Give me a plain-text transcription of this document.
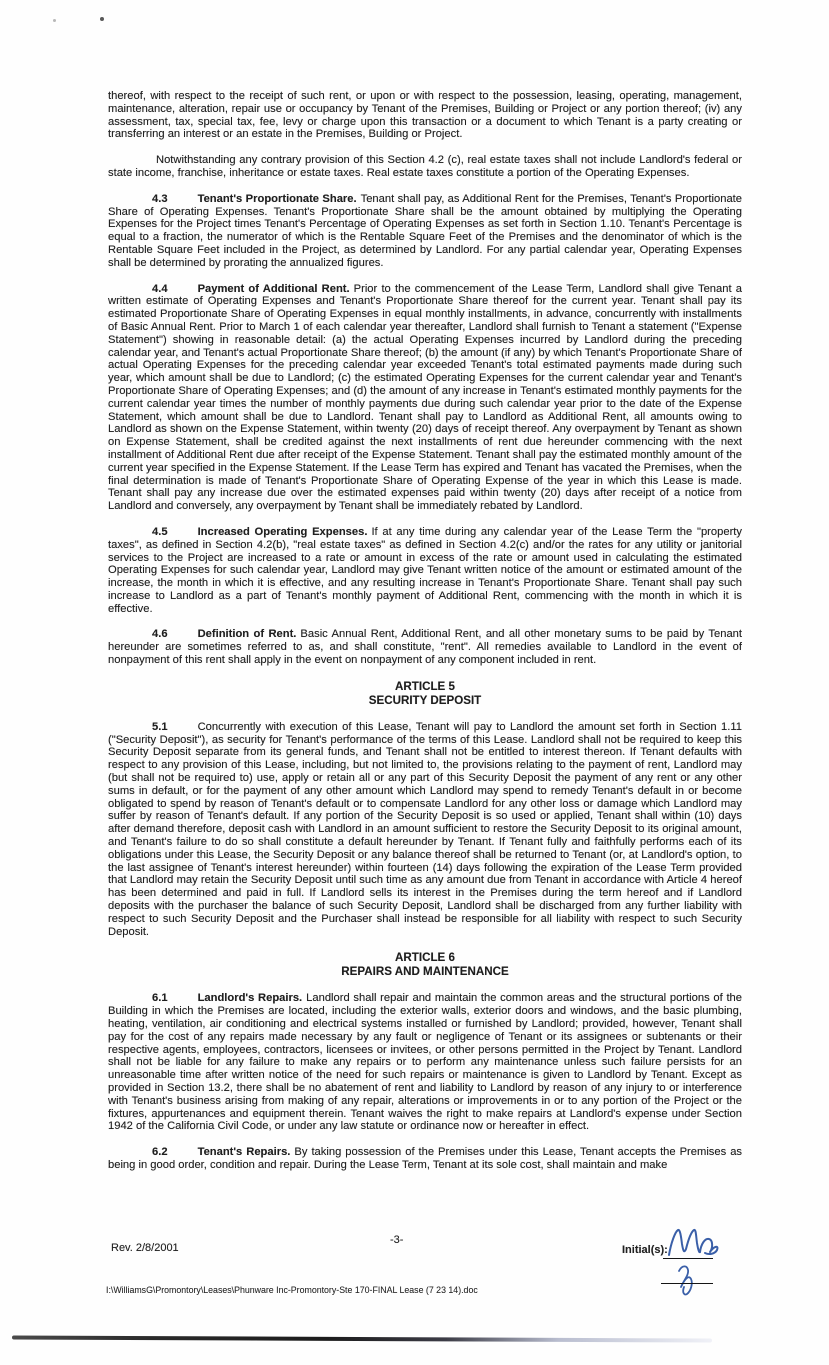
thereof, with respect to the receipt of such rent, or upon or with respect to the possession, leasing, operating, management, maintenance, alteration, repair use or occupancy by Tenant of the Premises, Building or Project or any portion thereof; (iv) any assessment, tax, special tax, fee, levy or charge upon this transaction or a document to which Tenant is a party creating or transferring an interest or an estate in the Premises, Building or Project.

Notwithstanding any contrary provision of this Section 4.2 (c), real estate taxes shall not include Landlord's federal or state income, franchise, inheritance or estate taxes. Real estate taxes constitute a portion of the Operating Expenses.

4.3	Tenant's Proportionate Share. Tenant shall pay, as Additional Rent for the Premises, Tenant's Proportionate Share of Operating Expenses. Tenant's Proportionate Share shall be the amount obtained by multiplying the Operating Expenses for the Project times Tenant's Percentage of Operating Expenses as set forth in Section 1.10. Tenant's Percentage is equal to a fraction, the numerator of which is the Rentable Square Feet of the Premises and the denominator of which is the Rentable Square Feet included in the Project, as determined by Landlord. For any partial calendar year, Operating Expenses shall be determined by prorating the annualized figures.

4.4	Payment of Additional Rent. Prior to the commencement of the Lease Term, Landlord shall give Tenant a written estimate of Operating Expenses and Tenant's Proportionate Share thereof for the current year. Tenant shall pay its estimated Proportionate Share of Operating Expenses in equal monthly installments, in advance, concurrently with installments of Basic Annual Rent. Prior to March 1 of each calendar year thereafter, Landlord shall furnish to Tenant a statement ("Expense Statement") showing in reasonable detail: (a) the actual Operating Expenses incurred by Landlord during the preceding calendar year, and Tenant's actual Proportionate Share thereof; (b) the amount (if any) by which Tenant's Proportionate Share of actual Operating Expenses for the preceding calendar year exceeded Tenant's total estimated payments made during such year, which amount shall be due to Landlord; (c) the estimated Operating Expenses for the current calendar year and Tenant's Proportionate Share of Operating Expenses; and (d) the amount of any increase in Tenant's estimated monthly payments for the current calendar year times the number of monthly payments due during such calendar year prior to the date of the Expense Statement, which amount shall be due to Landlord. Tenant shall pay to Landlord as Additional Rent, all amounts owing to Landlord as shown on the Expense Statement, within twenty (20) days of receipt thereof. Any overpayment by Tenant as shown on Expense Statement, shall be credited against the next installments of rent due hereunder commencing with the next installment of Additional Rent due after receipt of the Expense Statement. Tenant shall pay the estimated monthly amount of the current year specified in the Expense Statement. If the Lease Term has expired and Tenant has vacated the Premises, when the final determination is made of Tenant's Proportionate Share of Operating Expense of the year in which this Lease is made. Tenant shall pay any increase due over the estimated expenses paid within twenty (20) days after receipt of a notice from Landlord and conversely, any overpayment by Tenant shall be immediately rebated by Landlord.

4.5	Increased Operating Expenses. If at any time during any calendar year of the Lease Term the "property taxes", as defined in Section 4.2(b), "real estate taxes" as defined in Section 4.2(c) and/or the rates for any utility or janitorial services to the Project are increased to a rate or amount in excess of the rate or amount used in calculating the estimated Operating Expenses for such calendar year, Landlord may give Tenant written notice of the amount or estimated amount of the increase, the month in which it is effective, and any resulting increase in Tenant's Proportionate Share. Tenant shall pay such increase to Landlord as a part of Tenant's monthly payment of Additional Rent, commencing with the month in which it is effective.

4.6	Definition of Rent. Basic Annual Rent, Additional Rent, and all other monetary sums to be paid by Tenant hereunder are sometimes referred to as, and shall constitute, "rent". All remedies available to Landlord in the event of nonpayment of this rent shall apply in the event on nonpayment of any component included in rent.

ARTICLE 5
SECURITY DEPOSIT

5.1	Concurrently with execution of this Lease, Tenant will pay to Landlord the amount set forth in Section 1.11 ("Security Deposit"), as security for Tenant's performance of the terms of this Lease. Landlord shall not be required to keep this Security Deposit separate from its general funds, and Tenant shall not be entitled to interest thereon. If Tenant defaults with respect to any provision of this Lease, including, but not limited to, the provisions relating to the payment of rent, Landlord may (but shall not be required to) use, apply or retain all or any part of this Security Deposit the payment of any rent or any other sums in default, or for the payment of any other amount which Landlord may spend to remedy Tenant's default in or become obligated to spend by reason of Tenant's default or to compensate Landlord for any other loss or damage which Landlord may suffer by reason of Tenant's default. If any portion of the Security Deposit is so used or applied, Tenant shall within (10) days after demand therefore, deposit cash with Landlord in an amount sufficient to restore the Security Deposit to its original amount, and Tenant's failure to do so shall constitute a default hereunder by Tenant. If Tenant fully and faithfully performs each of its obligations under this Lease, the Security Deposit or any balance thereof shall be returned to Tenant (or, at Landlord's option, to the last assignee of Tenant's interest hereunder) within fourteen (14) days following the expiration of the Lease Term provided that Landlord may retain the Security Deposit until such time as any amount due from Tenant in accordance with Article 4 hereof has been determined and paid in full. If Landlord sells its interest in the Premises during the term hereof and if Landlord deposits with the purchaser the balance of such Security Deposit, Landlord shall be discharged from any further liability with respect to such Security Deposit and the Purchaser shall instead be responsible for all liability with respect to such Security Deposit.

ARTICLE 6
REPAIRS AND MAINTENANCE

6.1	Landlord's Repairs. Landlord shall repair and maintain the common areas and the structural portions of the Building in which the Premises are located, including the exterior walls, exterior doors and windows, and the basic plumbing, heating, ventilation, air conditioning and electrical systems installed or furnished by Landlord; provided, however, Tenant shall pay for the cost of any repairs made necessary by any fault or negligence of Tenant or its assignees or subtenants or their respective agents, employees, contractors, licensees or invitees, or other persons permitted in the Project by Tenant. Landlord shall not be liable for any failure to make any repairs or to perform any maintenance unless such failure persists for an unreasonable time after written notice of the need for such repairs or maintenance is given to Landlord by Tenant. Except as provided in Section 13.2, there shall be no abatement of rent and liability to Landlord by reason of any injury to or interference with Tenant's business arising from making of any repair, alterations or improvements in or to any portion of the Project or the fixtures, appurtenances and equipment therein. Tenant waives the right to make repairs at Landlord's expense under Section 1942 of the California Civil Code, or under any law statute or ordinance now or hereafter in effect.

6.2	Tenant's Repairs. By taking possession of the Premises under this Lease, Tenant accepts the Premises as being in good order, condition and repair. During the Lease Term, Tenant at its sole cost, shall maintain and make

Rev. 2/8/2001
-3-
Initial(s):
I:\WilliamsG\Promontory\Leases\Phunware Inc-Promontory-Ste 170-FINAL Lease (7 23 14).doc
